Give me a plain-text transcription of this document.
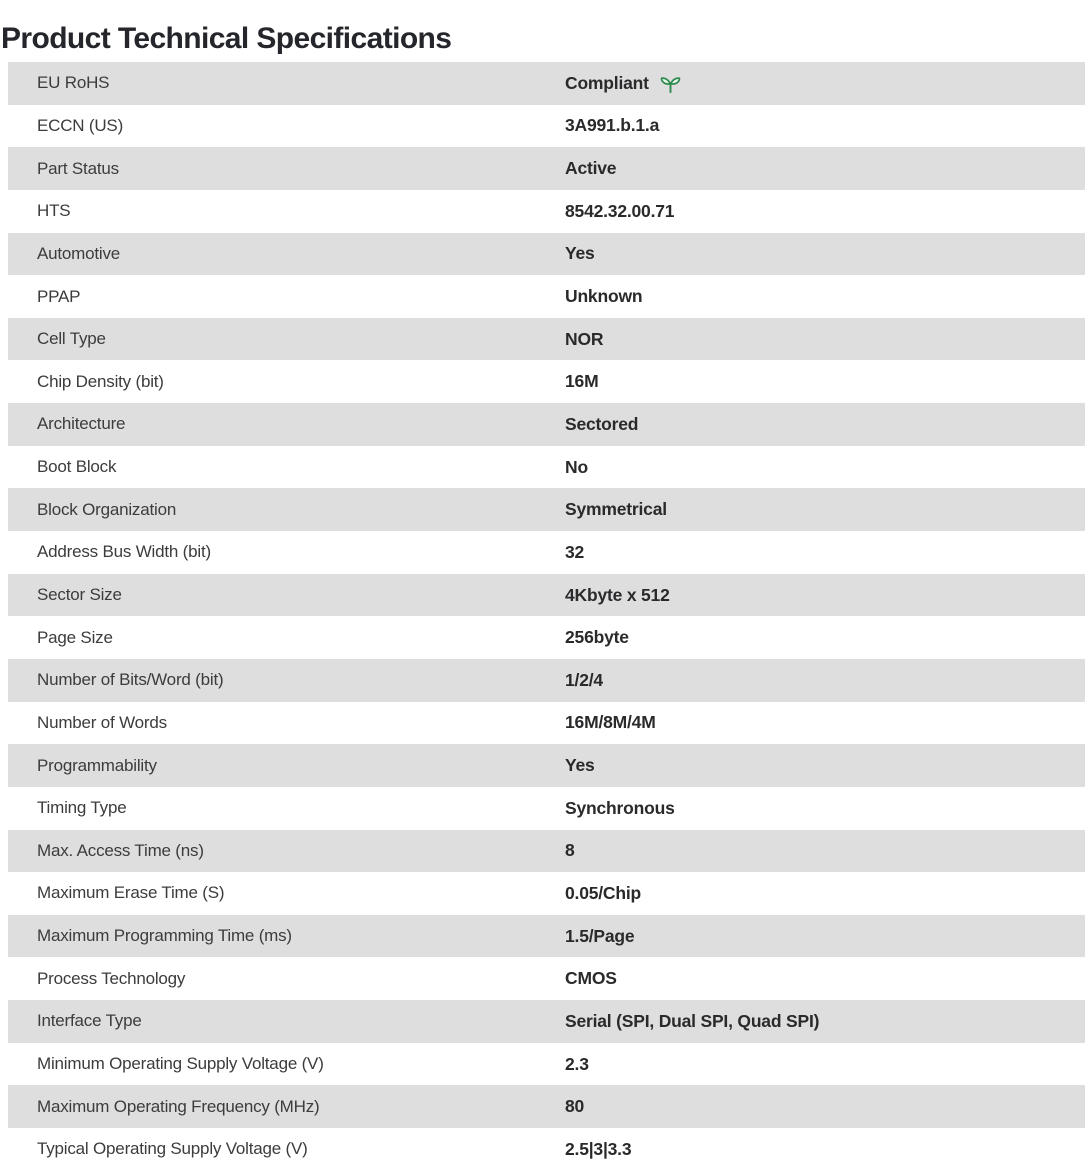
Product Technical Specifications
EU RoHS	Compliant
ECCN (US)	3A991.b.1.a
Part Status	Active
HTS	8542.32.00.71
Automotive	Yes
PPAP	Unknown
Cell Type	NOR
Chip Density (bit)	16M
Architecture	Sectored
Boot Block	No
Block Organization	Symmetrical
Address Bus Width (bit)	32
Sector Size	4Kbyte x 512
Page Size	256byte
Number of Bits/Word (bit)	1/2/4
Number of Words	16M/8M/4M
Programmability	Yes
Timing Type	Synchronous
Max. Access Time (ns)	8
Maximum Erase Time (S)	0.05/Chip
Maximum Programming Time (ms)	1.5/Page
Process Technology	CMOS
Interface Type	Serial (SPI, Dual SPI, Quad SPI)
Minimum Operating Supply Voltage (V)	2.3
Maximum Operating Frequency (MHz)	80
Typical Operating Supply Voltage (V)	2.5|3|3.3
